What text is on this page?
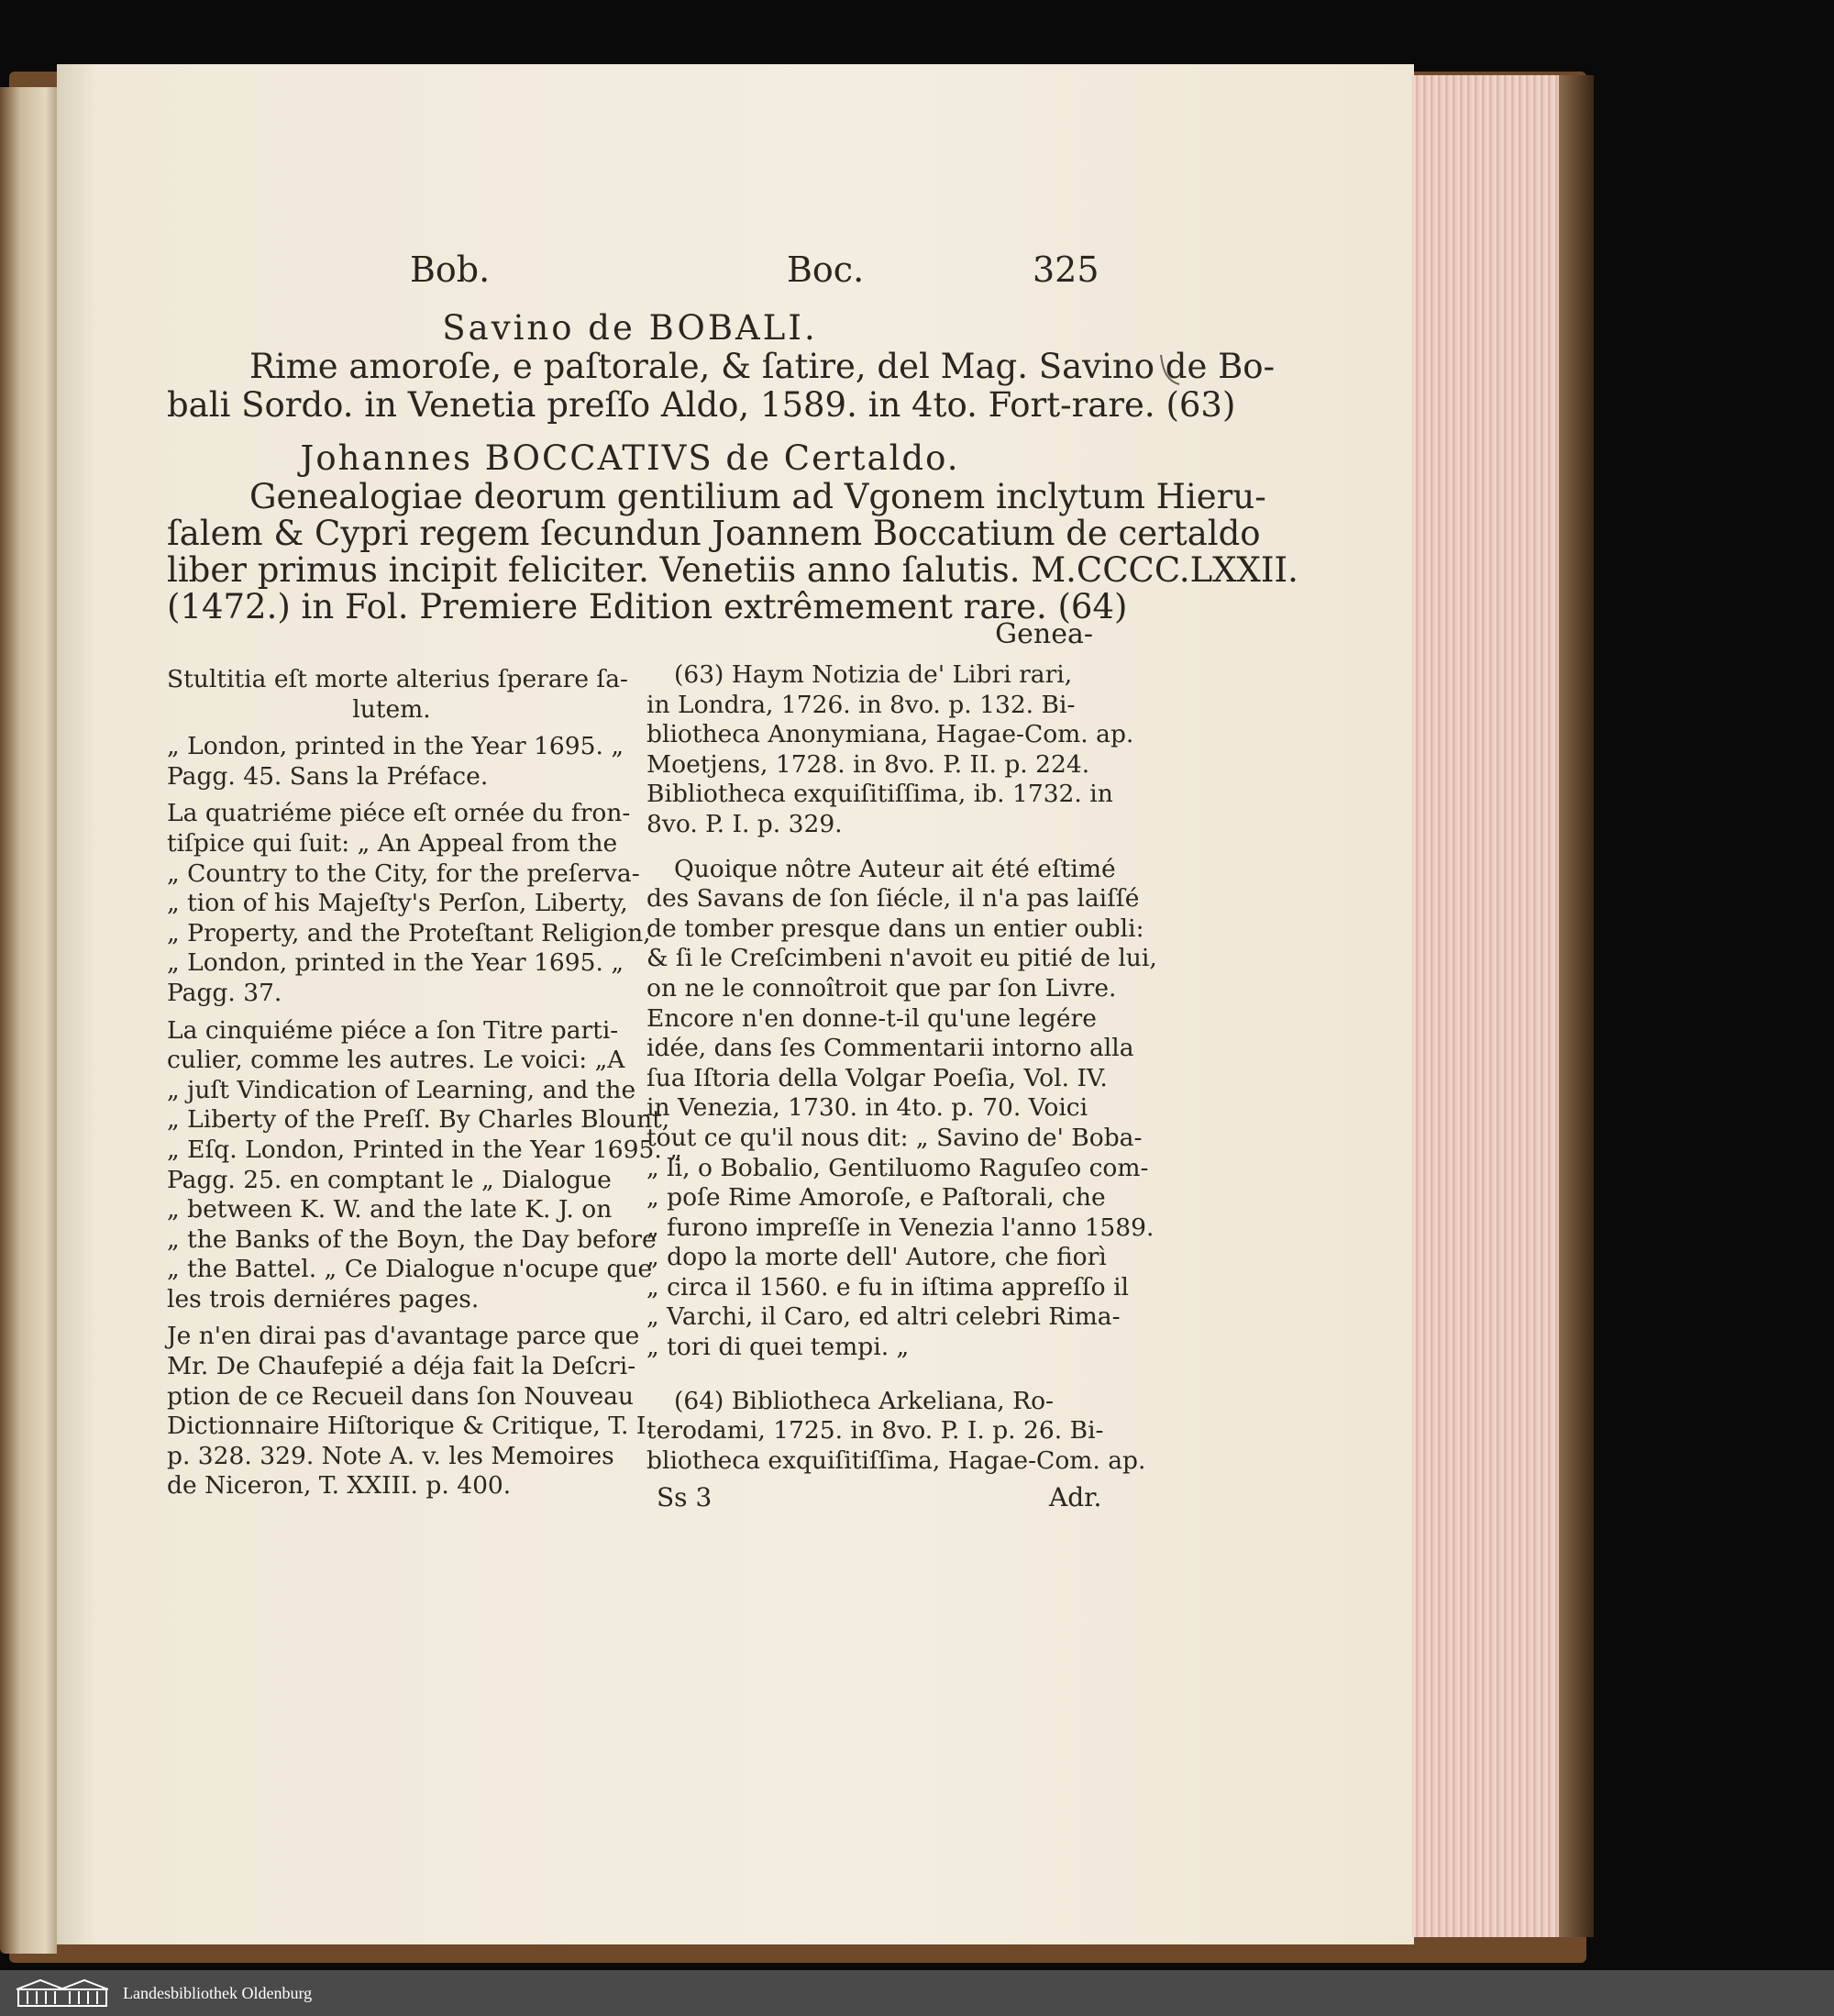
Bob.	Boc.	325
Savino de BOBALI.
Rime amoroſe, e paſtorale, & ſatire, del Mag. Savino de Bo-
bali Sordo. in Venetia preſſo Aldo, 1589. in 4to. Fort-rare. (63)
Johannes BOCCATIVS de Certaldo.
Genealogiae deorum gentilium ad Vgonem inclytum Hieru-
ſalem & Cypri regem ſecundun Joannem Boccatium de certaldo
liber primus incipit feliciter. Venetiis anno ſalutis. M.CCCC.LXXII.
(1472.) in Fol. Premiere Edition extrêmement rare. (64)
Genea-

Stultitia eſt morte alterius ſperare ſa-

lutem.

„ London, printed in the Year 1695. „

Pagg. 45. Sans la Préface.

La quatriéme piéce eſt ornée du fron-

tiſpice qui ſuit: „ An Appeal from the

„ Country to the City, for the preſerva-

„ tion of his Majeſty's Perſon, Liberty,

„ Property, and the Proteſtant Religion,

„ London, printed in the Year 1695. „

Pagg. 37.

La cinquiéme piéce a ſon Titre parti-

culier, comme les autres. Le voici: „A

„ juſt Vindication of Learning, and the

„ Liberty of the Preſſ. By Charles Blount,

„ Eſq. London, Printed in the Year 1695. „

Pagg. 25. en comptant le „ Dialogue

„ between K. W. and the late K. J. on

„ the Banks of the Boyn, the Day before

„ the Battel. „ Ce Dialogue n'ocupe que

les trois derniéres pages.

Je n'en dirai pas d'avantage parce que

Mr. De Chaufepié a déja fait la Deſcri-

ption de ce Recueil dans ſon Nouveau

Dictionnaire Hiſtorique & Critique, T. I.

p. 328. 329. Note A. v. les Memoires

de Niceron, T. XXIII. p. 400.

(63) Haym Notizia de' Libri rari,

in Londra, 1726. in 8vo. p. 132. Bi-

bliotheca Anonymiana, Hagae-Com. ap.

Moetjens, 1728. in 8vo. P. II. p. 224.

Bibliotheca exquiſitiſſima, ib. 1732. in

8vo. P. I. p. 329.

Quoique nôtre Auteur ait été eſtimé

des Savans de ſon ſiécle, il n'a pas laiſſé

de tomber presque dans un entier oubli:

& ſi le Creſcimbeni n'avoit eu pitié de lui,

on ne le connoîtroit que par ſon Livre.

Encore n'en donne-t-il qu'une legére

idée, dans ſes Commentarii intorno alla

ſua Iſtoria della Volgar Poeſia, Vol. IV.

in Venezia, 1730. in 4to. p. 70. Voici

tout ce qu'il nous dit: „ Savino de' Boba-

„ li, o Bobalio, Gentiluomo Raguſeo com-

„ poſe Rime Amoroſe, e Paſtorali, che

„ furono impreſſe in Venezia l'anno 1589.

„ dopo la morte dell' Autore, che fiorì

„ circa il 1560. e fu in iſtima appreſſo il

„ Varchi, il Caro, ed altri celebri Rima-

„ tori di quei tempi. „

(64) Bibliotheca Arkeliana, Ro-

terodami, 1725. in 8vo. P. I. p. 26. Bi-

bliotheca exquiſitiſſima, Hagae-Com. ap.

Ss 3	Adr.
Landesbibliothek Oldenburg
